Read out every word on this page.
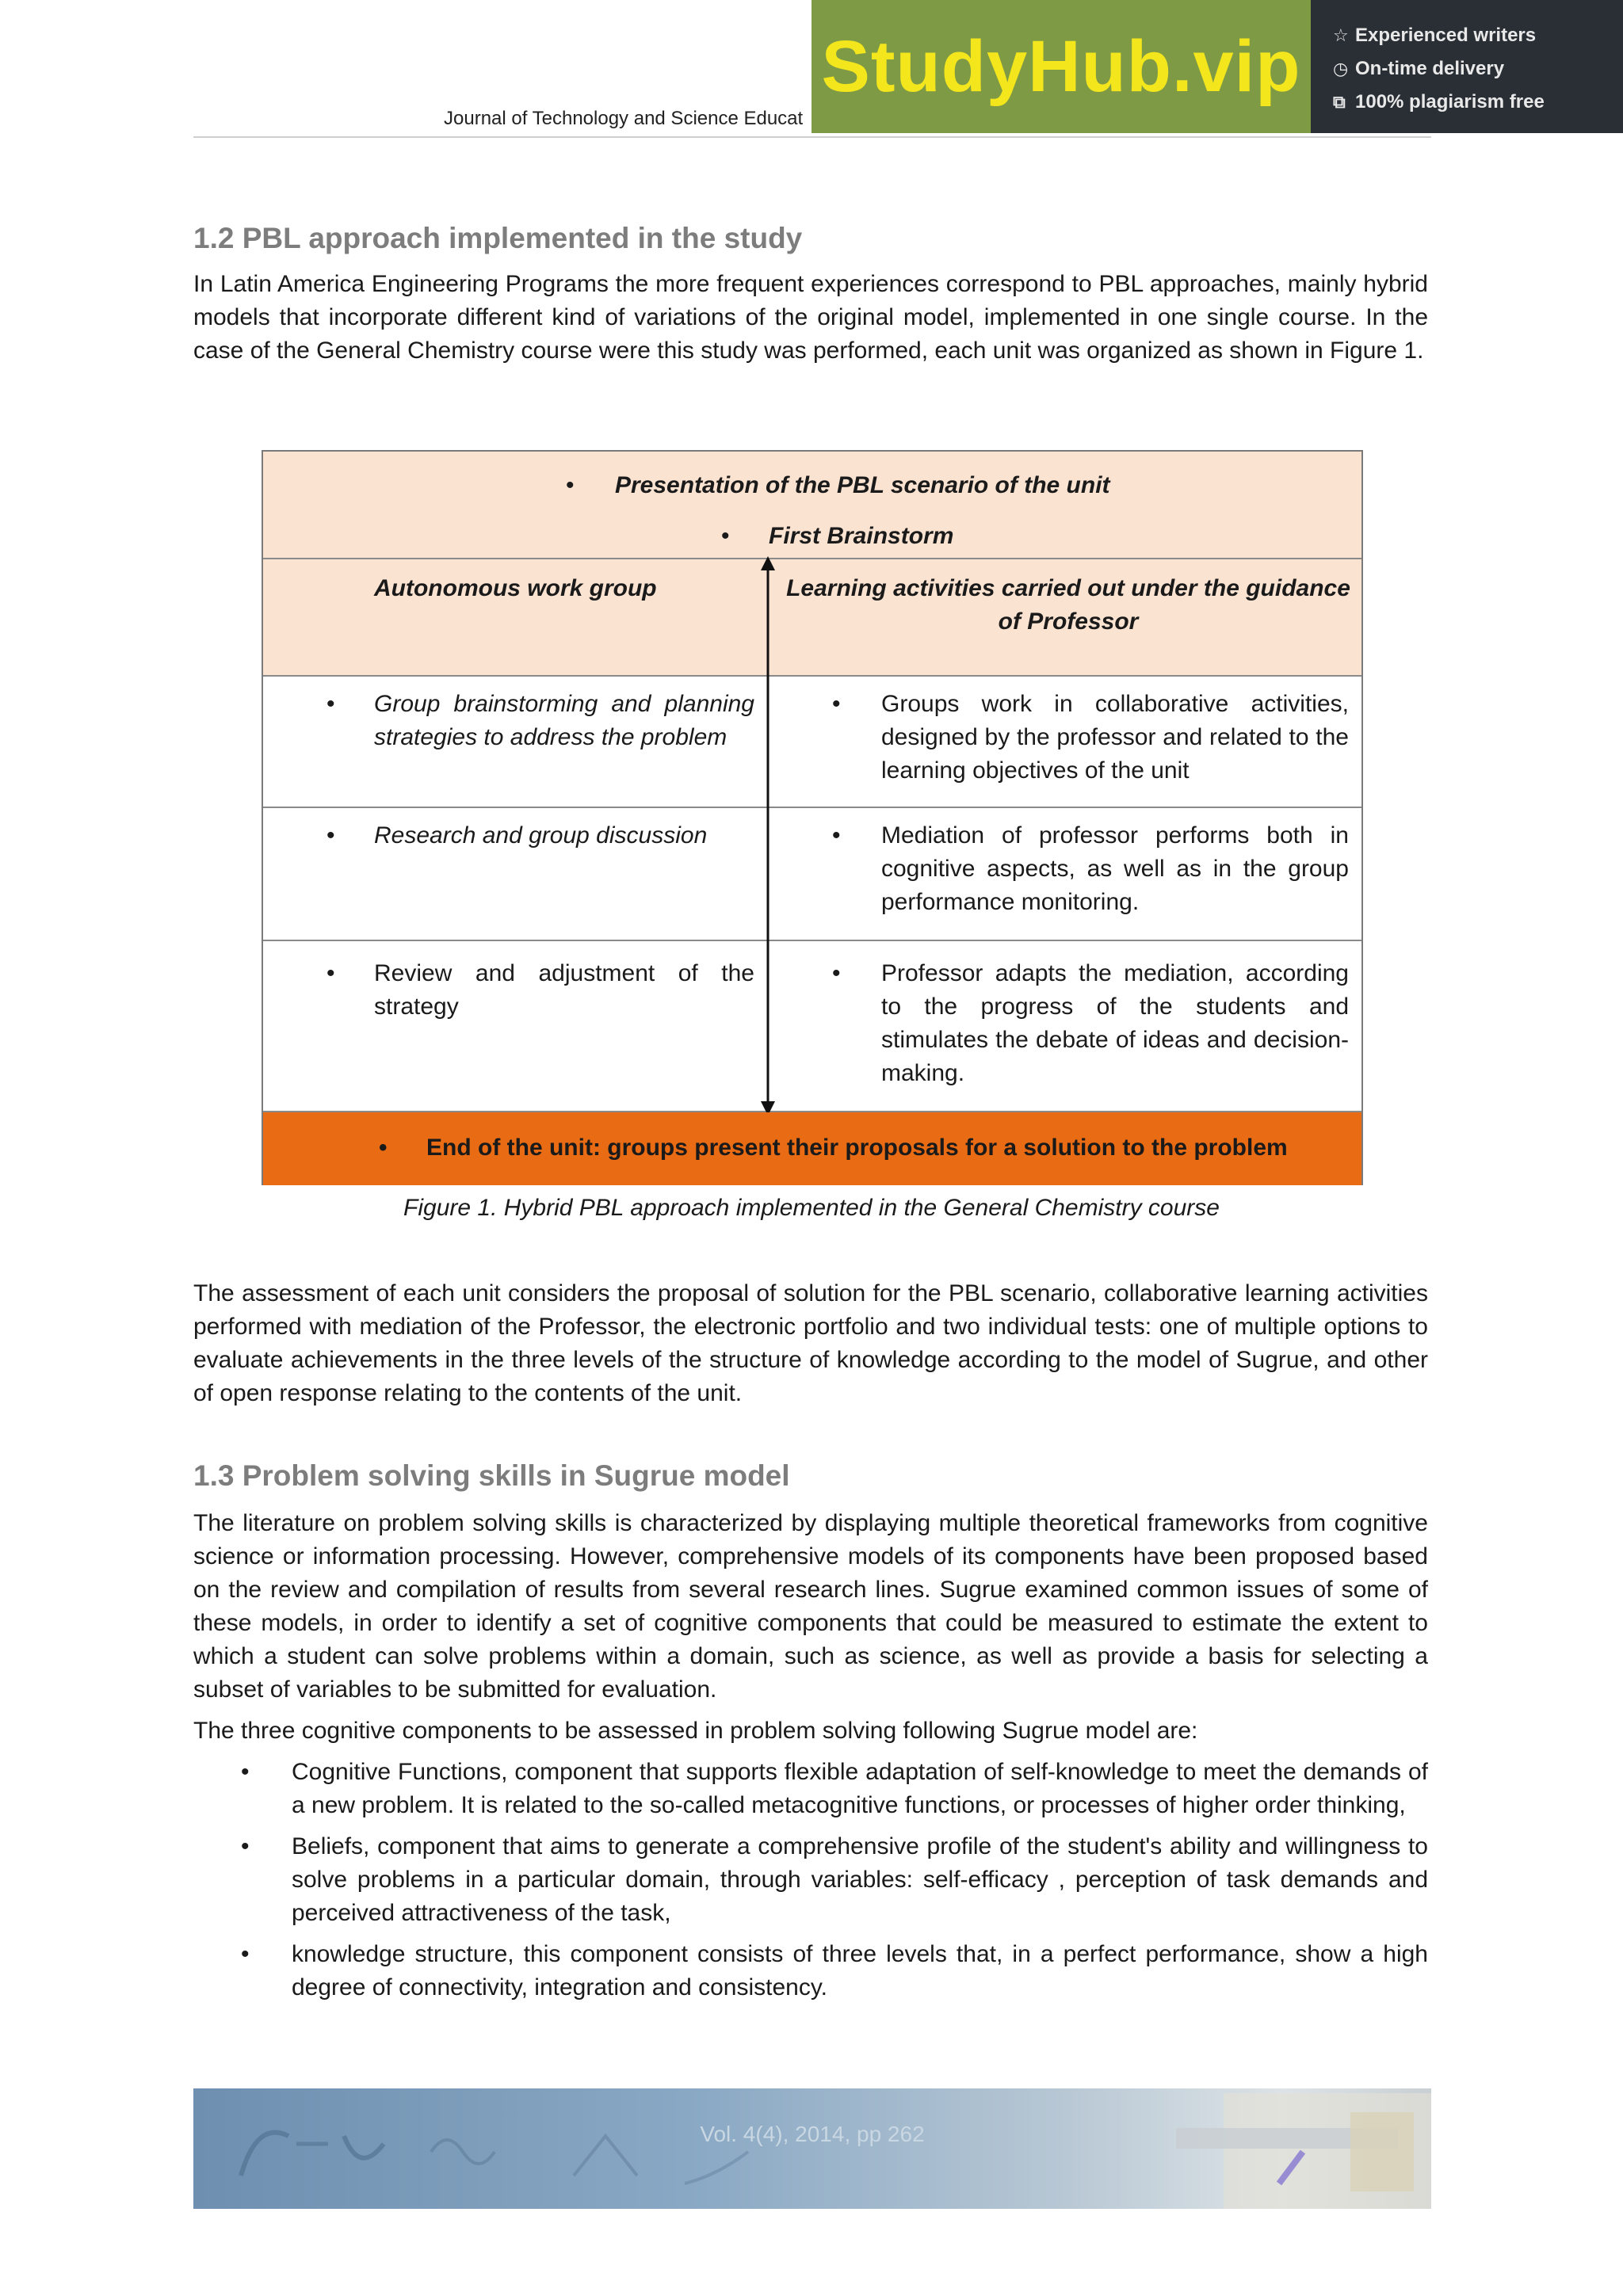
Journal of Technology and Science Educat
StudyHub.vip ☆ Experienced writers
◷ On-time delivery
⧉ 100% plagiarism free
1.2 PBL approach implemented in the study
In Latin America Engineering Programs the more frequent experiences correspond to PBL approaches, mainly hybrid models that incorporate different kind of variations of the original model, implemented in one single course. In the case of the General Chemistry course were this study was performed, each unit was organized as shown in Figure 1.
• Presentation of the PBL scenario of the unit
• First Brainstorm
Autonomous work group	Learning activities carried out under the guidance of Professor
• Group brainstorming and planning strategies to address the problem
• Groups work in collaborative activities, designed by the professor and related to the learning objectives of the unit
• Research and group discussion	• Mediation of professor performs both in cognitive aspects, as well as in the group performance monitoring.
• Review and adjustment of the strategy
• Professor adapts the mediation, according to the progress of the students and stimulates the debate of ideas and decision-making.
• End of the unit: groups present their proposals for a solution to the problem
Figure 1. Hybrid PBL approach implemented in the General Chemistry course
The assessment of each unit considers the proposal of solution for the PBL scenario, collaborative learning activities performed with mediation of the Professor, the electronic portfolio and two individual tests: one of multiple options to evaluate achievements in the three levels of the structure of knowledge according to the model of Sugrue, and other of open response relating to the contents of the unit.
1.3 Problem solving skills in Sugrue model
The literature on problem solving skills is characterized by displaying multiple theoretical frameworks from cognitive science or information processing. However, comprehensive models of its components have been proposed based on the review and compilation of results from several research lines. Sugrue examined common issues of some of these models, in order to identify a set of cognitive components that could be measured to estimate the extent to which a student can solve problems within a domain, such as science, as well as provide a basis for selecting a subset of variables to be submitted for evaluation.
The three cognitive components to be assessed in problem solving following Sugrue model are:
• Cognitive Functions, component that supports flexible adaptation of self-knowledge to meet the demands of a new problem. It is related to the so-called metacognitive functions, or processes of higher order thinking,
• Beliefs, component that aims to generate a comprehensive profile of the student's ability and willingness to solve problems in a particular domain, through variables: self-efficacy , perception of task demands and perceived attractiveness of the task,
• knowledge structure, this component consists of three levels that, in a perfect performance, show a high degree of connectivity, integration and consistency.
Vol. 4(4), 2014, pp 262
